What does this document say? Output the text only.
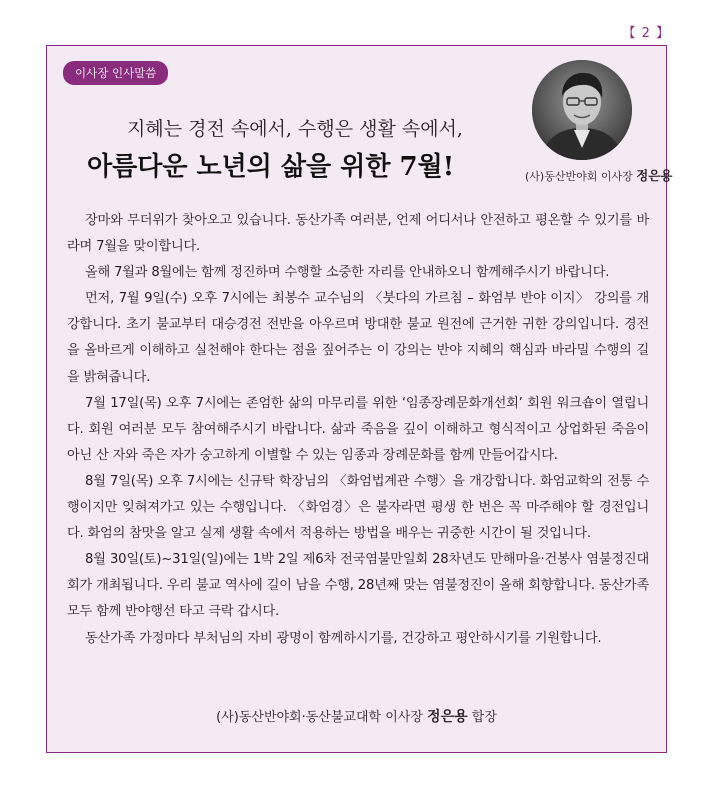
【 2 】
이사장 인사말씀
지혜는 경전 속에서, 수행은 생활 속에서,
아름다운 노년의 삶을 위한 7월!	(사)동산반야회 이사장 정은용

장마와 무더위가 찾아오고 있습니다. 동산가족 여러분, 언제 어디서나 안전하고 평온할 수 있기를 바라며 7월을 맞이합니다.

올해 7월과 8월에는 함께 정진하며 수행할 소중한 자리를 안내하오니 함께해주시기 바랍니다.

먼저, 7월 9일(수) 오후 7시에는 최봉수 교수님의 〈붓다의 가르침 – 화엄부 반야 이지〉 강의를 개강합니다. 초기 불교부터 대승경전 전반을 아우르며 방대한 불교 원전에 근거한 귀한 강의입니다. 경전을 올바르게 이해하고 실천해야 한다는 점을 짚어주는 이 강의는 반야 지혜의 핵심과 바라밀 수행의 길을 밝혀줍니다.

7월 17일(목) 오후 7시에는 존엄한 삶의 마무리를 위한 ‘임종장례문화개선회’ 회원 워크숍이 열립니다. 회원 여러분 모두 참여해주시기 바랍니다. 삶과 죽음을 깊이 이해하고 형식적이고 상업화된 죽음이 아닌 산 자와 죽은 자가 숭고하게 이별할 수 있는 임종과 장례문화를 함께 만들어갑시다.

8월 7일(목) 오후 7시에는 신규탁 학장님의 〈화엄법계관 수행〉을 개강합니다. 화엄교학의 전통 수행이지만 잊혀져가고 있는 수행입니다. 〈화엄경〉은 불자라면 평생 한 번은 꼭 마주해야 할 경전입니다. 화엄의 참맛을 알고 실제 생활 속에서 적용하는 방법을 배우는 귀중한 시간이 될 것입니다.

8월 30일(토)~31일(일)에는 1박 2일 제6차 전국염불만일회 28차년도 만해마을·건봉사 염불정진대회가 개최됩니다. 우리 불교 역사에 길이 남을 수행, 28년째 맞는 염불정진이 올해 회향합니다. 동산가족 모두 함께 반야행선 타고 극락 갑시다.

동산가족 가정마다 부처님의 자비 광명이 함께하시기를, 건강하고 평안하시기를 기원합니다.

(사)동산반야회·동산불교대학 이사장 정은용 합장
